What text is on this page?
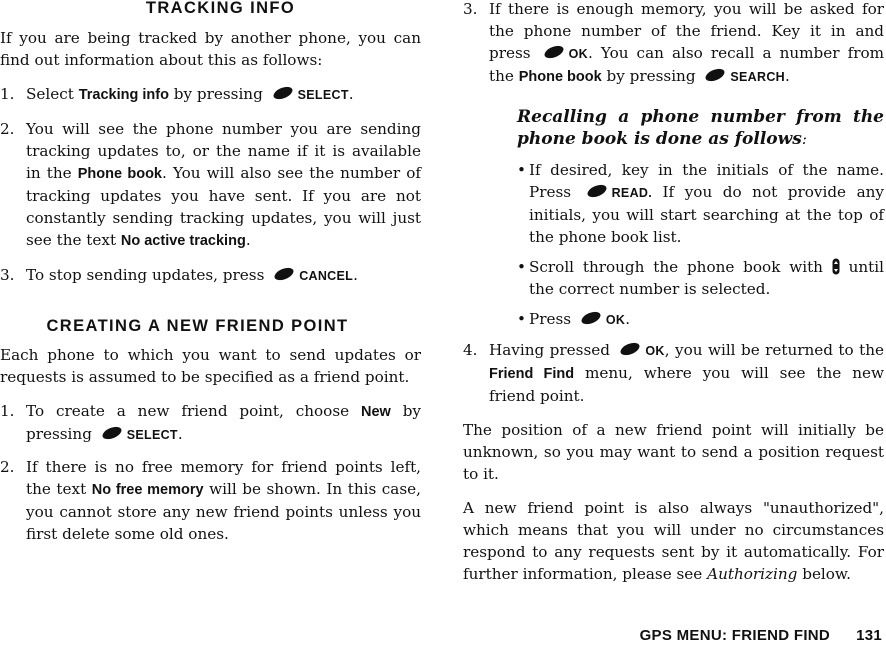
TRACKING INFO

If you are being tracked by another phone, you can find out information about this as follows:

1. Select Tracking info by pressing SELECT.
2. You will see the phone number you are sending tracking updates to, or the name if it is available in the Phone book. You will also see the number of tracking updates you have sent. If you are not constantly sending tracking updates, you will just see the text No active tracking.
3. To stop sending updates, press CANCEL.
CREATING A NEW FRIEND POINT

Each phone to which you want to send updates or requests is assumed to be specified as a friend point.

1. To create a new friend point, choose New by pressing SELECT.
2. If there is no free memory for friend points left, the text No free memory will be shown. In this case, you cannot store any new friend points unless you first delete some old ones.
3. If there is enough memory, you will be asked for the phone number of the friend. Key it in and press OK. You can also recall a number from the Phone book by pressing SEARCH.
Recalling a phone number from the phone book is done as follows:
• If desired, key in the initials of the name. Press READ. If you do not provide any initials, you will start searching at the top of the phone book list.
• Scroll through the phone book with  until the correct number is selected.
• Press OK.
4. Having pressed OK, you will be returned to the Friend Find menu, where you will see the new friend point.

The position of a new friend point will initially be unknown, so you may want to send a position request to it.

A new friend point is also always "unauthorized", which means that you will under no circumstances respond to any requests sent by it automatically. For further information, please see Authorizing below.

GPS MENU: FRIEND FIND 131
